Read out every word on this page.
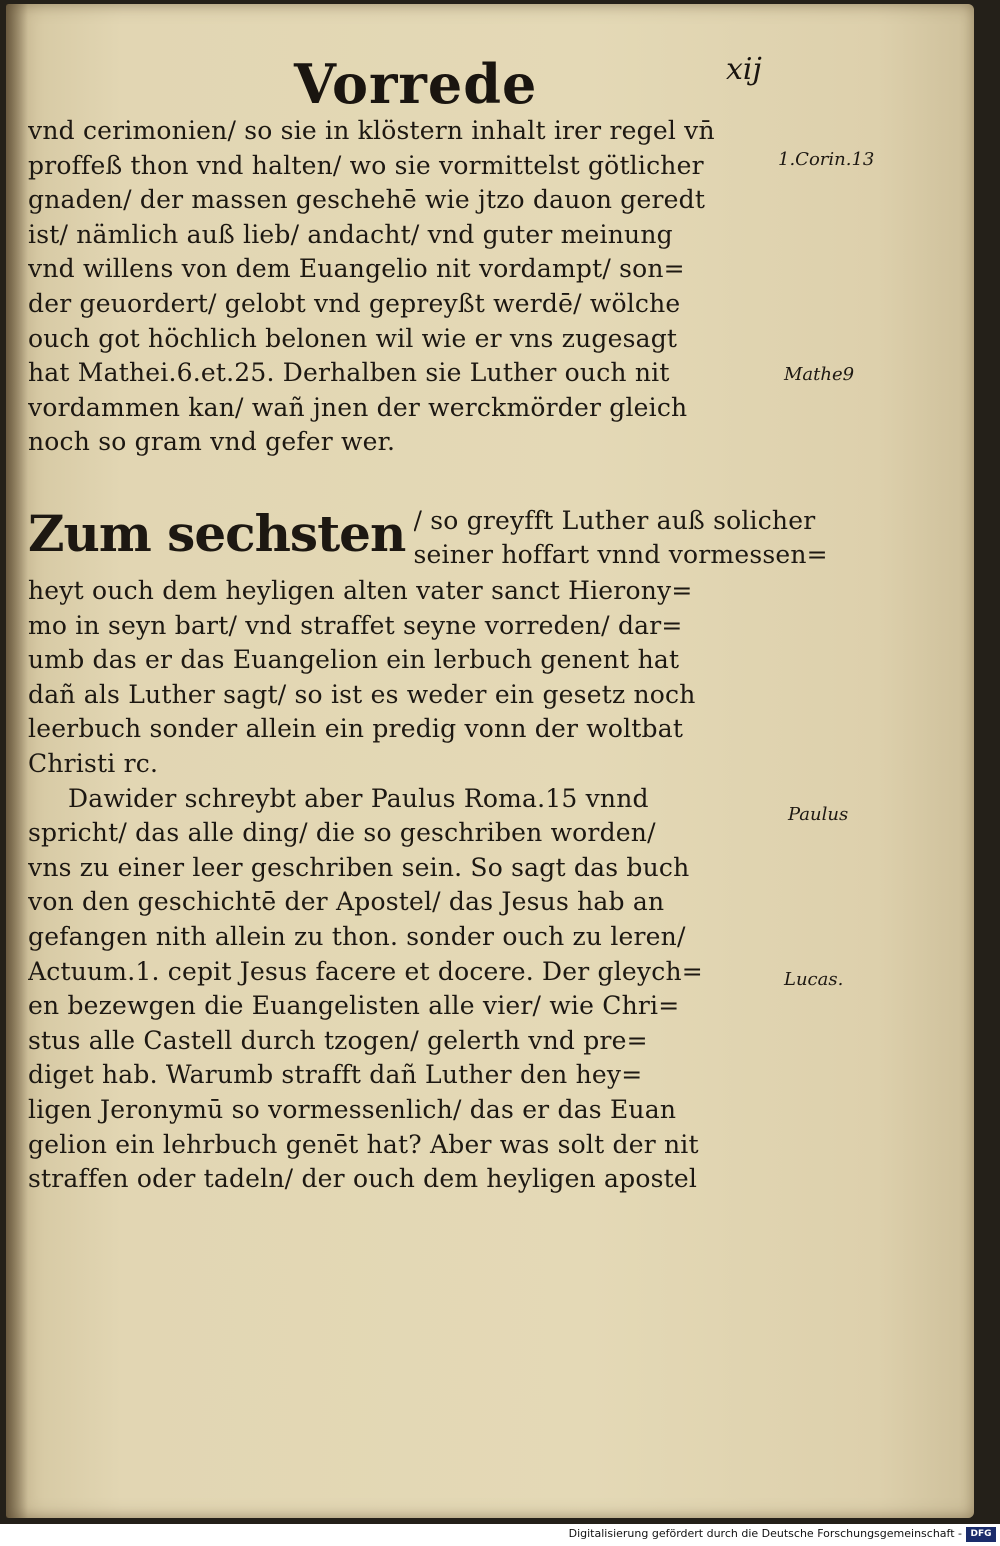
Vorrede	xij
vnd cerimonien/ so sie in klöstern inhalt irer regel vn̄
proffeß thon vnd halten/ wo sie vormittelst götlicher
gnaden/ der massen geschehē wie jtzo dauon geredt
ist/ nämlich auß lieb/ andacht/ vnd guter meinung
vnd willens von dem Euangelio nit vordampt/ son=
der geuordert/ gelobt vnd gepreyßt werdē/ wölche
ouch got höchlich belonen wil wie er vns zugesagt
hat Mathei.6.et.25. Derhalben sie Luther ouch nit
vordammen kan/ wañ jnen der werckmörder gleich
noch so gram vnd gefer wer.
Zum sechsten / so greyfft Luther auß solicher
seiner hoffart vnnd vormessen=
heyt ouch dem heyligen alten vater sanct Hierony=
mo in seyn bart/ vnd straffet seyne vorreden/ dar=
umb das er das Euangelion ein lerbuch genent hat
dañ als Luther sagt/ so ist es weder ein gesetz noch
leerbuch sonder allein ein predig vonn der woltbat
Christi rc.
Dawider schreybt aber Paulus Roma.15 vnnd
spricht/ das alle ding/ die so geschriben worden/
vns zu einer leer geschriben sein. So sagt das buch
von den geschichtē der Apostel/ das Jesus hab an
gefangen nith allein zu thon. sonder ouch zu leren/
Actuum.1. cepit Jesus facere et docere. Der gleych=
en bezewgen die Euangelisten alle vier/ wie Chri=
stus alle Castell durch tzogen/ gelerth vnd pre=
diget hab. Warumb strafft dañ Luther den hey=
ligen Jeronymū so vormessenlich/ das er das Euan
gelion ein lehrbuch genēt hat? Aber was solt der nit
straffen oder tadeln/ der ouch dem heyligen apostel
1.Corin.13
Mathe9
Paulus
Lucas.
Digitalisierung gefördert durch die Deutsche Forschungsgemeinschaft - DFG
